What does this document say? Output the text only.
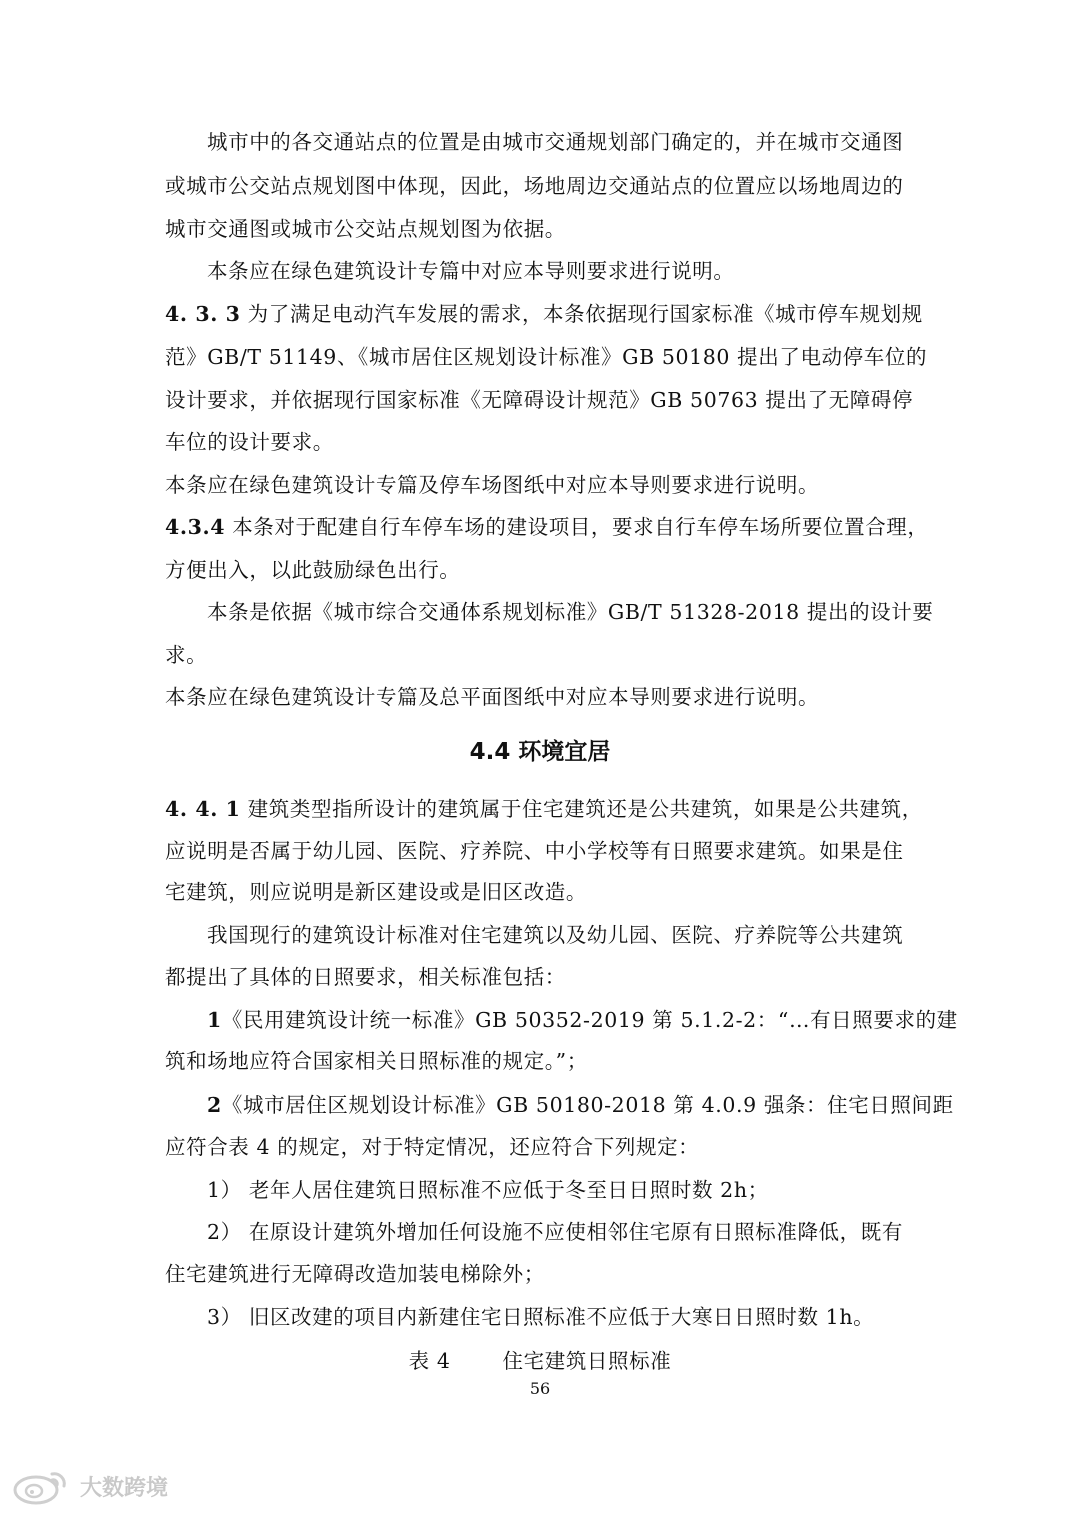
城市中的各交通站点的位置是由城市交通规划部门确定的，并在城市交通图
或城市公交站点规划图中体现，因此，场地周边交通站点的位置应以场地周边的
城市交通图或城市公交站点规划图为依据。
本条应在绿色建筑设计专篇中对应本导则要求进行说明。
4. 3. 3 为了满足电动汽车发展的需求，本条依据现行国家标准《城市停车规划规
范》GB/T 51149、《城市居住区规划设计标准》GB 50180 提出了电动停车位的
设计要求，并依据现行国家标准《无障碍设计规范》GB 50763 提出了无障碍停
车位的设计要求。
本条应在绿色建筑设计专篇及停车场图纸中对应本导则要求进行说明。
4.3.4 本条对于配建自行车停车场的建设项目，要求自行车停车场所要位置合理，
方便出入，以此鼓励绿色出行。
本条是依据《城市综合交通体系规划标准》GB/T 51328-2018 提出的设计要
求。
本条应在绿色建筑设计专篇及总平面图纸中对应本导则要求进行说明。
4.4 环境宜居
4. 4. 1 建筑类型指所设计的建筑属于住宅建筑还是公共建筑，如果是公共建筑，
应说明是否属于幼儿园、医院、疗养院、中小学校等有日照要求建筑。如果是住
宅建筑，则应说明是新区建设或是旧区改造。
我国现行的建筑设计标准对住宅建筑以及幼儿园、医院、疗养院等公共建筑
都提出了具体的日照要求，相关标准包括：
1《民用建筑设计统一标准》GB 50352-2019 第 5.1.2-2：“…有日照要求的建
筑和场地应符合国家相关日照标准的规定。”；
2《城市居住区规划设计标准》GB 50180-2018 第 4.0.9 强条：住宅日照间距
应符合表 4 的规定，对于特定情况，还应符合下列规定：
1） 老年人居住建筑日照标准不应低于冬至日日照时数 2h；
2） 在原设计建筑外增加任何设施不应使相邻住宅原有日照标准降低，既有
住宅建筑进行无障碍改造加装电梯除外；
3） 旧区改建的项目内新建住宅日照标准不应低于大寒日日照时数 1h。
表 4	住宅建筑日照标准
56
大数跨境
